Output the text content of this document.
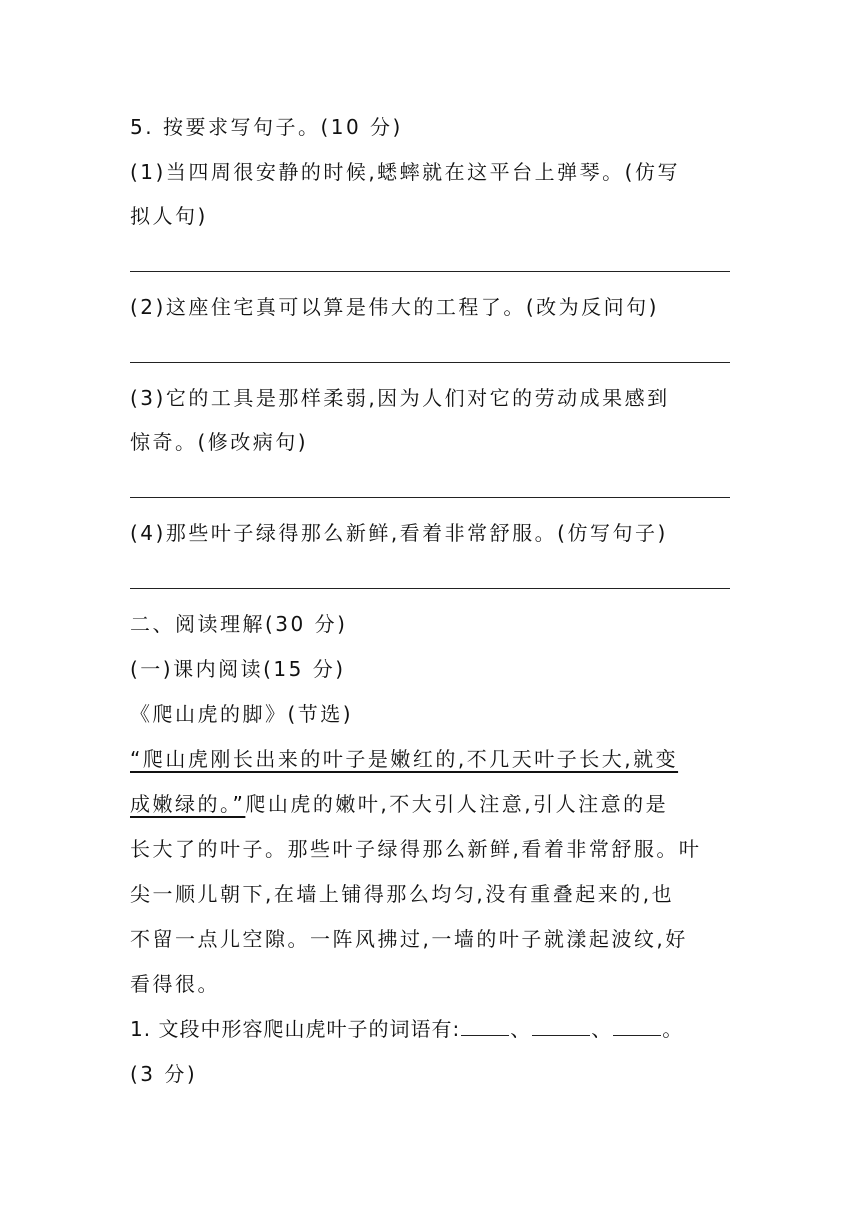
5. 按要求写句子。(10 分)
(1)当四周很安静的时候,蟋蟀就在这平台上弹琴。(仿写
拟人句)
(2)这座住宅真可以算是伟大的工程了。(改为反问句)
(3)它的工具是那样柔弱,因为人们对它的劳动成果感到
惊奇。(修改病句)
(4)那些叶子绿得那么新鲜,看着非常舒服。(仿写句子)
二、阅读理解(30 分)
(一)课内阅读(15 分)
《爬山虎的脚》(节选)
“爬山虎刚长出来的叶子是嫩红的,不几天叶子长大,就变
成嫩绿的。”爬山虎的嫩叶,不大引人注意,引人注意的是
长大了的叶子。那些叶子绿得那么新鲜,看着非常舒服。叶
尖一顺儿朝下,在墙上铺得那么均匀,没有重叠起来的,也
不留一点儿空隙。一阵风拂过,一墙的叶子就漾起波纹,好
看得很。
1. 文段中形容爬山虎叶子的词语有:	、	、	。
(3 分)
